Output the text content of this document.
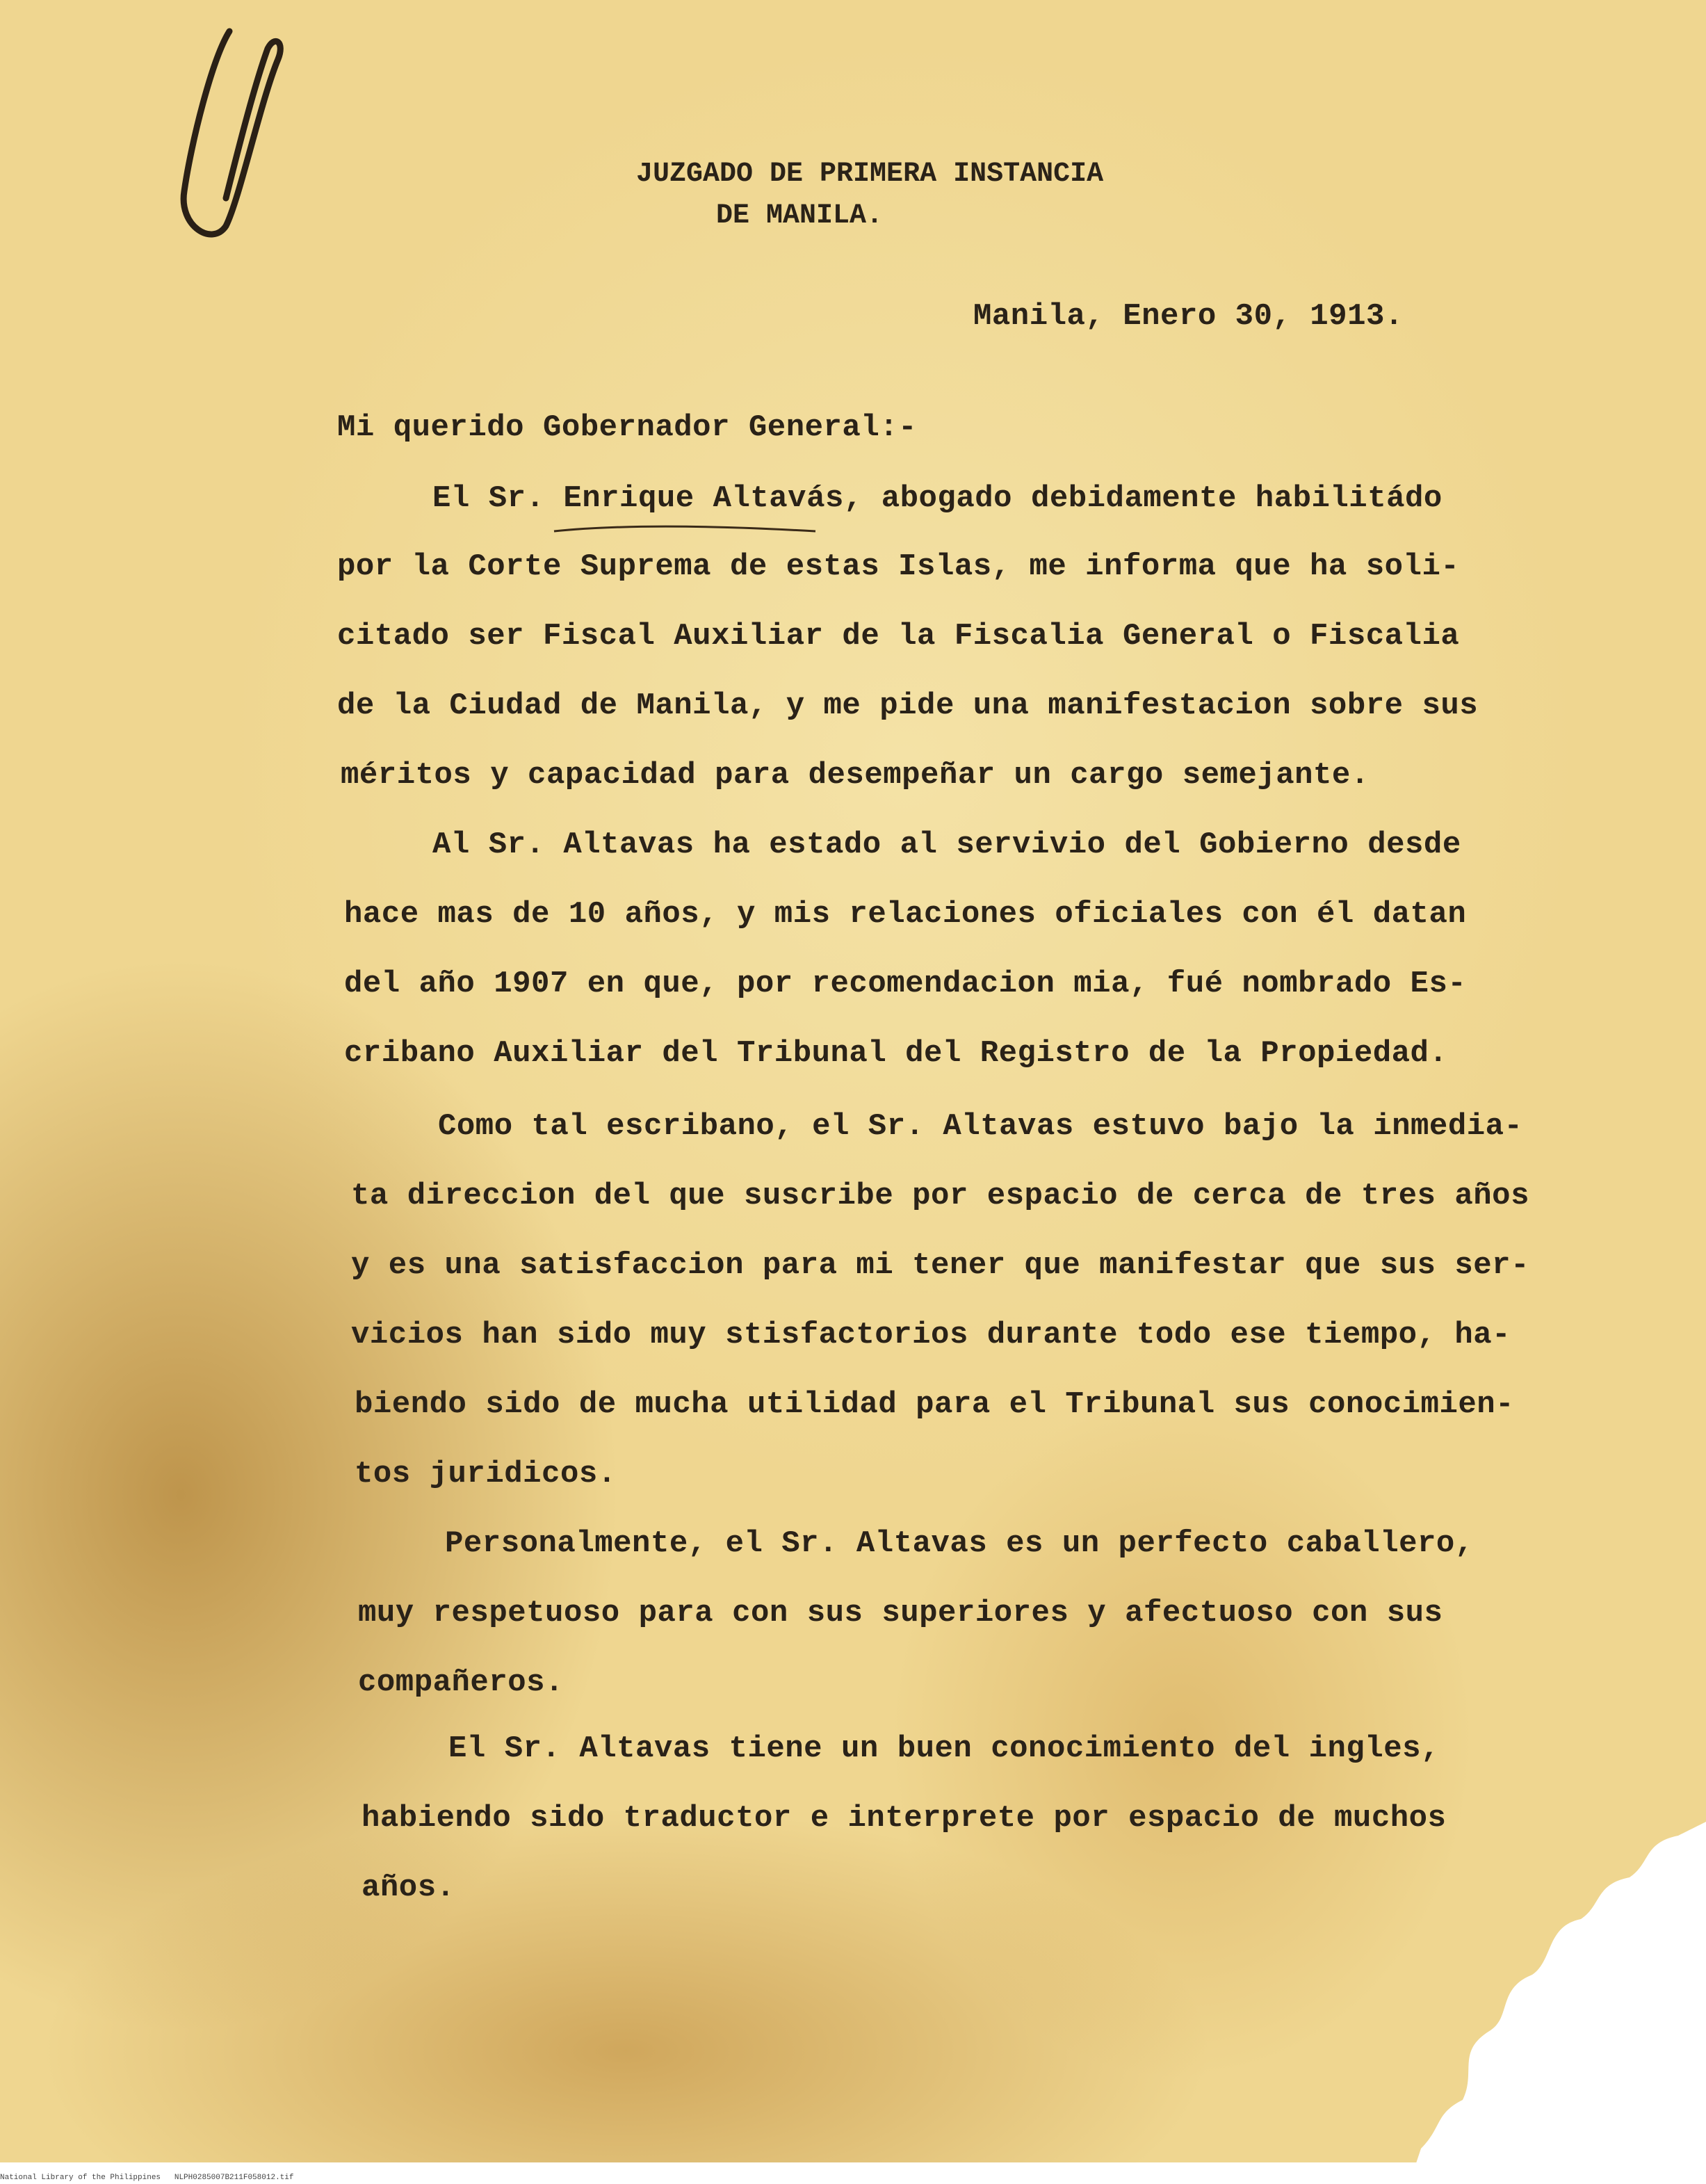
JUZGADO DE PRIMERA INSTANCIA
DE MANILA.
Manila, Enero 30, 1913.
Mi querido Gobernador General:-
El Sr. Enrique Altavás, abogado debidamente habilitádo
por la Corte Suprema de estas Islas, me informa que ha soli-
citado ser Fiscal Auxiliar de la Fiscalia General o Fiscalia
de la Ciudad de Manila, y me pide una manifestacion sobre sus
méritos y capacidad para desempeñar un cargo semejante.
Al Sr. Altavas ha estado al servivio del Gobierno desde
hace mas de 10 años, y mis relaciones oficiales con él datan
del año 1907 en que, por recomendacion mia, fué nombrado Es-
cribano Auxiliar del Tribunal del Registro de la Propiedad.
Como tal escribano, el Sr. Altavas estuvo bajo la inmedia-
ta direccion del que suscribe por espacio de cerca de tres años
y es una satisfaccion para mi tener que manifestar que sus ser-
vicios han sido muy stisfactorios durante todo ese tiempo, ha-
biendo sido de mucha utilidad para el Tribunal sus conocimien-
tos juridicos.
Personalmente, el Sr. Altavas es un perfecto caballero,
muy respetuoso para con sus superiores y afectuoso con sus
compañeros.
El Sr. Altavas tiene un buen conocimiento del ingles,
habiendo sido traductor e interprete por espacio de muchos
años.
National Library of the Philippines   NLPH0285007B211F058012.tif
